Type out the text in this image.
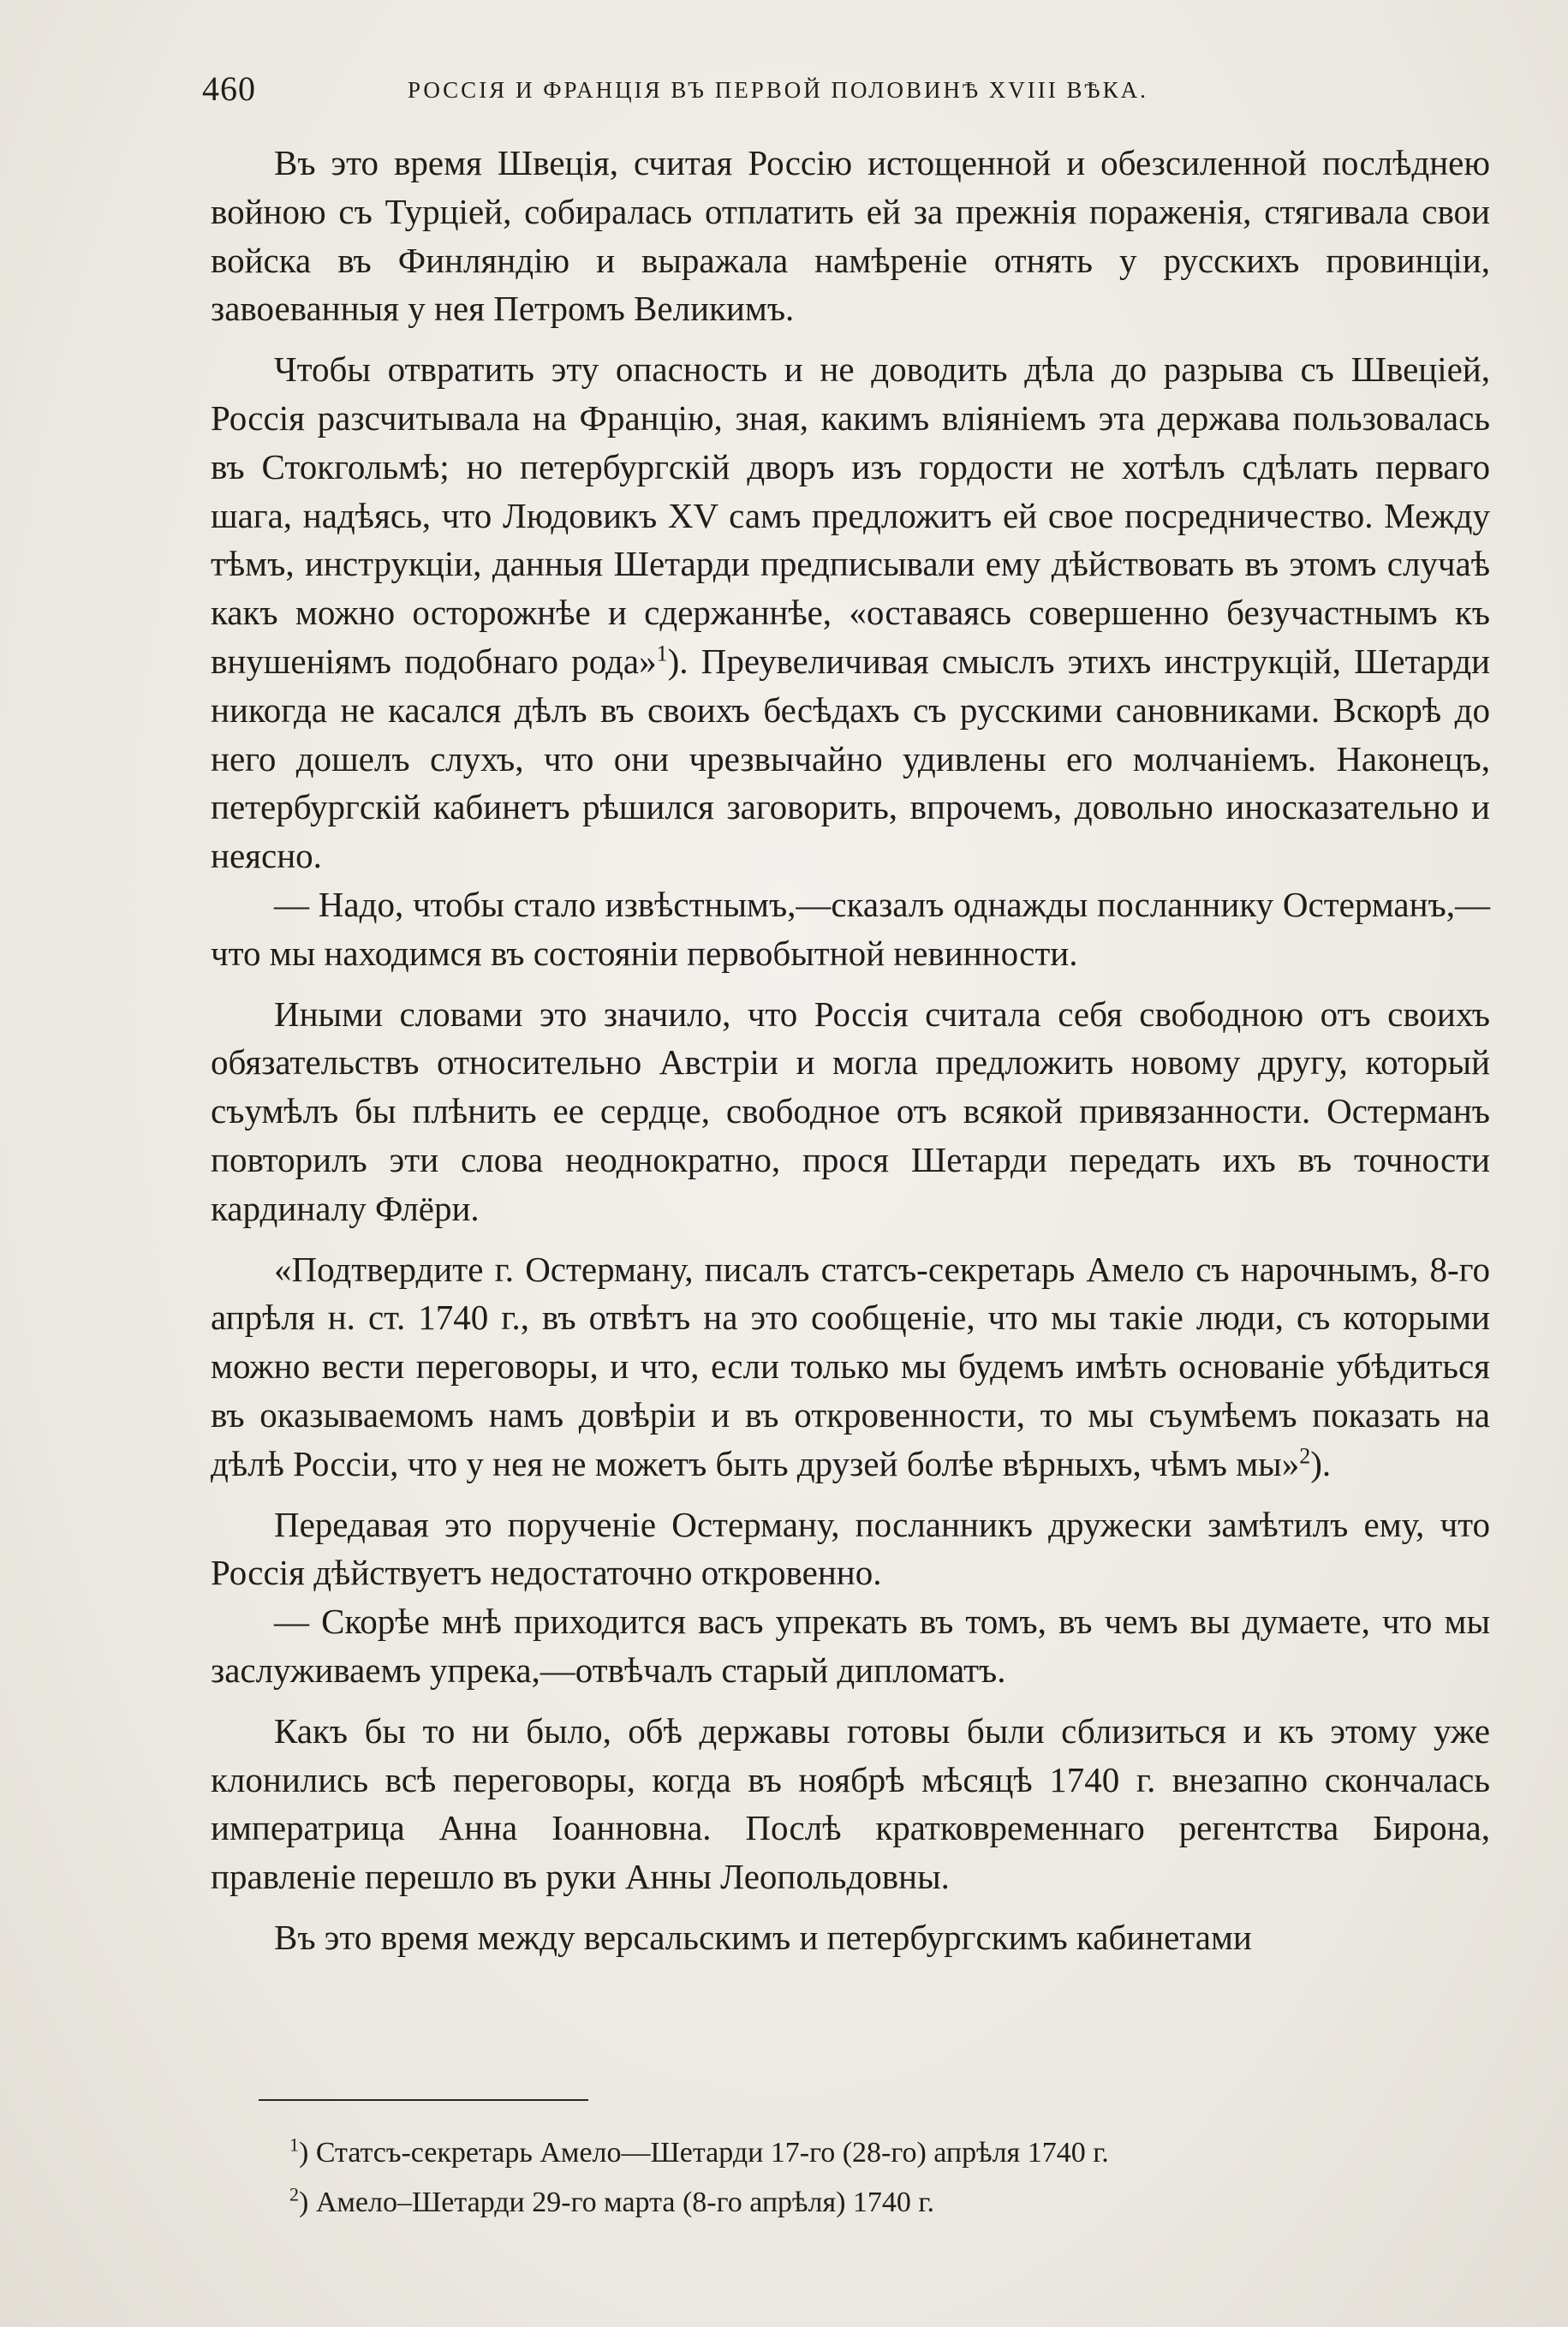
460	РОССІЯ И ФРАНЦІЯ ВЪ ПЕРВОЙ ПОЛОВИНѢ XVIII ВѢКА.

Въ это время Швеція, считая Россію истощенной и обезсиленной послѣднею войною съ Турціей, собиралась отплатить ей за прежнія пораженія, стягивала свои войска въ Финляндію и выражала намѣреніе отнять у русскихъ провинціи, завоеванныя у нея Петромъ Великимъ.

Чтобы отвратить эту опасность и не доводить дѣла до разрыва съ Швеціей, Россія разсчитывала на Францію, зная, какимъ вліяніемъ эта держава пользовалась въ Стокгольмѣ; но петербургскій дворъ изъ гордости не хотѣлъ сдѣлать перваго шага, надѣясь, что Людовикъ XV самъ предложитъ ей свое посредничество. Между тѣмъ, инструкціи, данныя Шетарди предписывали ему дѣйствовать въ этомъ случаѣ какъ можно осторожнѣе и сдержаннѣе, «оставаясь совершенно безучастнымъ къ внушеніямъ подобнаго рода»$^1$). Преувеличивая смыслъ этихъ инструкцій, Шетарди никогда не касался дѣлъ въ своихъ бесѣдахъ съ русскими сановниками. Вскорѣ до него дошелъ слухъ, что они чрезвычайно удивлены его молчаніемъ. Наконецъ, петербургскій кабинетъ рѣшился заговорить, впрочемъ, довольно иносказательно и неясно.

— Надо, чтобы стало извѣстнымъ,—сказалъ однажды посланнику Остерманъ,—что мы находимся въ состояніи первобытной невинности.

Иными словами это значило, что Россія считала себя свободною отъ своихъ обязательствъ относительно Австріи и могла предложить новому другу, который съумѣлъ бы плѣнить ее сердце, свободное отъ всякой привязанности. Остерманъ повторилъ эти слова неоднократно, прося Шетарди передать ихъ въ точности кардиналу Флёри.

«Подтвердите г. Остерману, писалъ статсъ-секретарь Амело съ нарочнымъ, 8-го апрѣля н. ст. 1740 г., въ отвѣтъ на это сообщеніе, что мы такіе люди, съ которыми можно вести переговоры, и что, если только мы будемъ имѣть основаніе убѣдиться въ оказываемомъ намъ довѣріи и въ откровенности, то мы съумѣемъ показать на дѣлѣ Россіи, что у нея не можетъ быть друзей болѣе вѣрныхъ, чѣмъ мы»$^2$).

Передавая это порученіе Остерману, посланникъ дружески замѣтилъ ему, что Россія дѣйствуетъ недостаточно откровенно.

— Скорѣе мнѣ приходится васъ упрекать въ томъ, въ чемъ вы думаете, что мы заслуживаемъ упрека,—отвѣчалъ старый дипломатъ.

Какъ бы то ни было, обѣ державы готовы были сблизиться и къ этому уже клонились всѣ переговоры, когда въ ноябрѣ мѣсяцѣ 1740 г. внезапно скончалась императрица Анна Іоанновна. Послѣ кратковременнаго регентства Бирона, правленіе перешло въ руки Анны Леопольдовны.

Въ это время между версальскимъ и петербургскимъ кабинетами

$^1$) Статсъ-секретарь Амело—Шетарди 17-го (28-го) апрѣля 1740 г.
$^2$) Амело–Шетарди 29-го марта (8-го апрѣля) 1740 г.
